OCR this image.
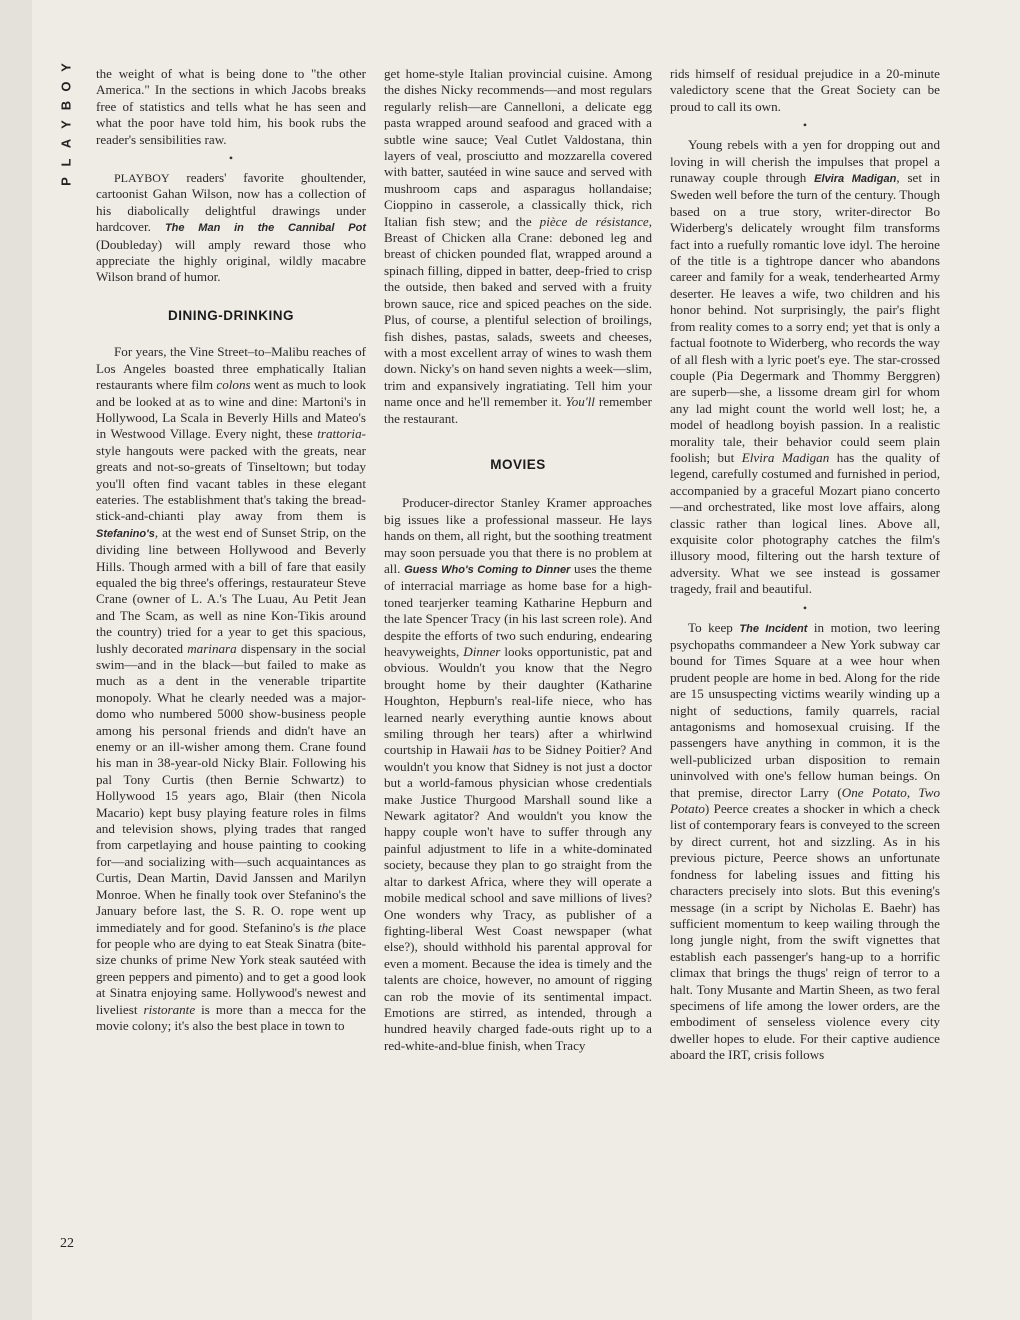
Y
O
B
Y
A
L
P
22

the weight of what is being done to "the other America." In the sections in which Jacobs breaks free of statistics and tells what he has seen and what the poor have told him, his book rubs the reader's sensibilities raw.

•

PLAYBOY readers' favorite ghoultender, cartoonist Gahan Wilson, now has a collection of his diabolically delightful drawings under hardcover. The Man in the Cannibal Pot (Doubleday) will amply reward those who appreciate the highly original, wildly macabre Wilson brand of humor.

DINING-DRINKING

For years, the Vine Street–to–Malibu reaches of Los Angeles boasted three emphatically Italian restaurants where film colons went as much to look and be looked at as to wine and dine: Martoni's in Hollywood, La Scala in Beverly Hills and Mateo's in Westwood Village. Every night, these trattoria-style hangouts were packed with the greats, near greats and not-so-greats of Tinseltown; but today you'll often find vacant tables in these elegant eateries. The establishment that's taking the bread-stick-and-chianti play away from them is Stefanino's, at the west end of Sunset Strip, on the dividing line between Hollywood and Beverly Hills. Though armed with a bill of fare that easily equaled the big three's offerings, restaurateur Steve Crane (owner of L. A.'s The Luau, Au Petit Jean and The Scam, as well as nine Kon-Tikis around the country) tried for a year to get this spacious, lushly decorated marinara dispensary in the social swim—and in the black—but failed to make as much as a dent in the venerable tripartite monopoly. What he clearly needed was a major-domo who numbered 5000 show-business people among his personal friends and didn't have an enemy or an ill-wisher among them. Crane found his man in 38-year-old Nicky Blair. Following his pal Tony Curtis (then Bernie Schwartz) to Hollywood 15 years ago, Blair (then Nicola Macario) kept busy playing feature roles in films and television shows, plying trades that ranged from carpetlaying and house painting to cooking for—and socializing with—such acquaintances as Curtis, Dean Martin, David Janssen and Marilyn Monroe. When he finally took over Stefanino's the January before last, the S. R. O. rope went up immediately and for good. Stefanino's is the place for people who are dying to eat Steak Sinatra (bite-size chunks of prime New York steak sautéed with green peppers and pimento) and to get a good look at Sinatra enjoying same. Hollywood's newest and liveliest ristorante is more than a mecca for the movie colony; it's also the best place in town to

get home-style Italian provincial cuisine. Among the dishes Nicky recommends—and most regulars regularly relish—are Cannelloni, a delicate egg pasta wrapped around seafood and graced with a subtle wine sauce; Veal Cutlet Valdostana, thin layers of veal, prosciutto and mozzarella covered with batter, sautéed in wine sauce and served with mushroom caps and asparagus hollandaise; Cioppino in casserole, a classically thick, rich Italian fish stew; and the pièce de résistance, Breast of Chicken alla Crane: deboned leg and breast of chicken pounded flat, wrapped around a spinach filling, dipped in batter, deep-fried to crisp the outside, then baked and served with a fruity brown sauce, rice and spiced peaches on the side. Plus, of course, a plentiful selection of broilings, fish dishes, pastas, salads, sweets and cheeses, with a most excellent array of wines to wash them down. Nicky's on hand seven nights a week—slim, trim and expansively ingratiating. Tell him your name once and he'll remember it. You'll remember the restaurant.

MOVIES

Producer-director Stanley Kramer approaches big issues like a professional masseur. He lays hands on them, all right, but the soothing treatment may soon persuade you that there is no problem at all. Guess Who's Coming to Dinner uses the theme of interracial marriage as home base for a high-toned tearjerker teaming Katharine Hepburn and the late Spencer Tracy (in his last screen role). And despite the efforts of two such enduring, endearing heavyweights, Dinner looks opportunistic, pat and obvious. Wouldn't you know that the Negro brought home by their daughter (Katharine Houghton, Hepburn's real-life niece, who has learned nearly everything auntie knows about smiling through her tears) after a whirlwind courtship in Hawaii has to be Sidney Poitier? And wouldn't you know that Sidney is not just a doctor but a world-famous physician whose credentials make Justice Thurgood Marshall sound like a Newark agitator? And wouldn't you know the happy couple won't have to suffer through any painful adjustment to life in a white-dominated society, because they plan to go straight from the altar to darkest Africa, where they will operate a mobile medical school and save millions of lives? One wonders why Tracy, as publisher of a fighting-liberal West Coast newspaper (what else?), should withhold his parental approval for even a moment. Because the idea is timely and the talents are choice, however, no amount of rigging can rob the movie of its sentimental impact. Emotions are stirred, as intended, through a hundred heavily charged fade-outs right up to a red-white-and-blue finish, when Tracy

rids himself of residual prejudice in a 20-minute valedictory scene that the Great Society can be proud to call its own.

•

Young rebels with a yen for dropping out and loving in will cherish the impulses that propel a runaway couple through Elvira Madigan, set in Sweden well before the turn of the century. Though based on a true story, writer-director Bo Widerberg's delicately wrought film transforms fact into a ruefully romantic love idyl. The heroine of the title is a tightrope dancer who abandons career and family for a weak, tenderhearted Army deserter. He leaves a wife, two children and his honor behind. Not surprisingly, the pair's flight from reality comes to a sorry end; yet that is only a factual footnote to Widerberg, who records the way of all flesh with a lyric poet's eye. The star-crossed couple (Pia Degermark and Thommy Berggren) are superb—she, a lissome dream girl for whom any lad might count the world well lost; he, a model of headlong boyish passion. In a realistic morality tale, their behavior could seem plain foolish; but Elvira Madigan has the quality of legend, carefully costumed and furnished in period, accompanied by a graceful Mozart piano concerto—and orchestrated, like most love affairs, along classic rather than logical lines. Above all, exquisite color photography catches the film's illusory mood, filtering out the harsh texture of adversity. What we see instead is gossamer tragedy, frail and beautiful.

•

To keep The Incident in motion, two leering psychopaths commandeer a New York subway car bound for Times Square at a wee hour when prudent people are home in bed. Along for the ride are 15 unsuspecting victims wearily winding up a night of seductions, family quarrels, racial antagonisms and homosexual cruising. If the passengers have anything in common, it is the well-publicized urban disposition to remain uninvolved with one's fellow human beings. On that premise, director Larry (One Potato, Two Potato) Peerce creates a shocker in which a check list of contemporary fears is conveyed to the screen by direct current, hot and sizzling. As in his previous picture, Peerce shows an unfortunate fondness for labeling issues and fitting his characters precisely into slots. But this evening's message (in a script by Nicholas E. Baehr) has sufficient momentum to keep wailing through the long jungle night, from the swift vignettes that establish each passenger's hang-up to a horrific climax that brings the thugs' reign of terror to a halt. Tony Musante and Martin Sheen, as two feral specimens of life among the lower orders, are the embodiment of senseless violence every city dweller hopes to elude. For their captive audience aboard the IRT, crisis follows
